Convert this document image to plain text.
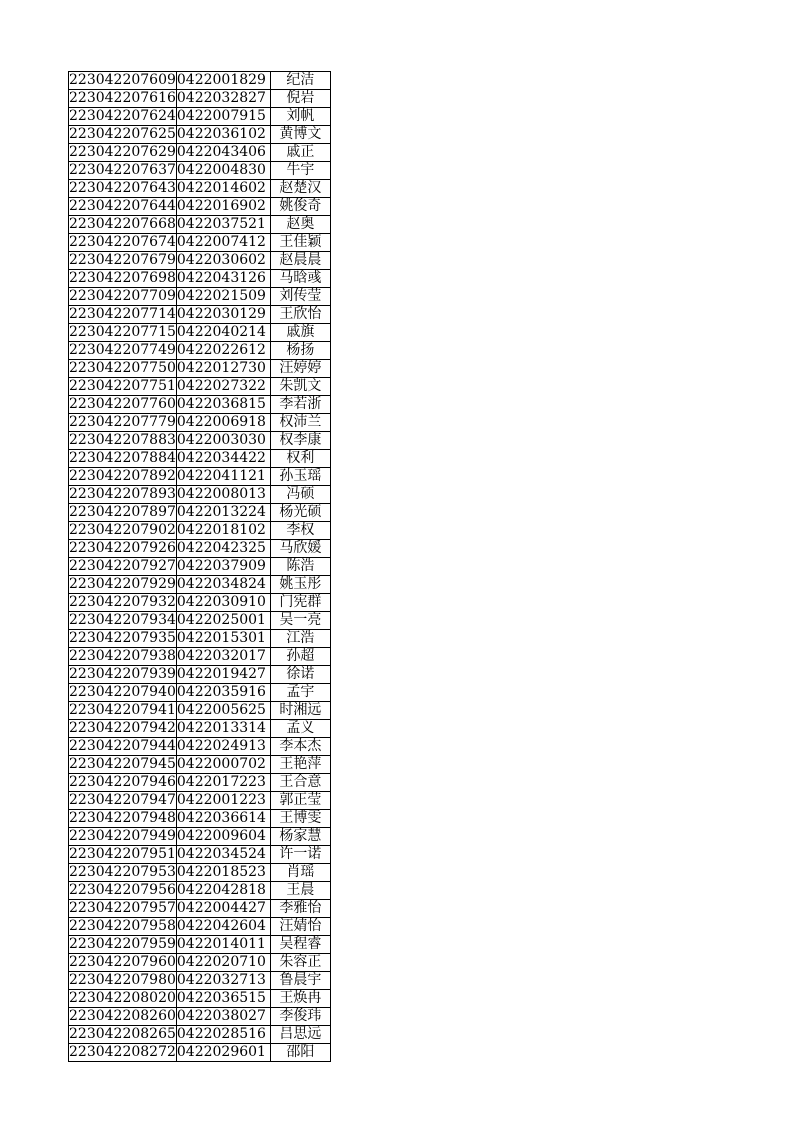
223042207609	0422001829	纪洁
223042207616	0422032827	倪岩
223042207624	0422007915	刘帆
223042207625	0422036102	黄博文
223042207629	0422043406	戚正
223042207637	0422004830	牛宇
223042207643	0422014602	赵楚汉
223042207644	0422016902	姚俊奇
223042207668	0422037521	赵奥
223042207674	0422007412	王佳颖
223042207679	0422030602	赵晨晨
223042207698	0422043126	马晗彧
223042207709	0422021509	刘传莹
223042207714	0422030129	王欣怡
223042207715	0422040214	戚旗
223042207749	0422022612	杨扬
223042207750	0422012730	汪婷婷
223042207751	0422027322	朱凯文
223042207760	0422036815	李若浙
223042207779	0422006918	权沛兰
223042207883	0422003030	权李康
223042207884	0422034422	权利
223042207892	0422041121	孙玉瑶
223042207893	0422008013	冯硕
223042207897	0422013224	杨光硕
223042207902	0422018102	李权
223042207926	0422042325	马欣媛
223042207927	0422037909	陈浩
223042207929	0422034824	姚玉彤
223042207932	0422030910	门宪群
223042207934	0422025001	吴一亮
223042207935	0422015301	江浩
223042207938	0422032017	孙超
223042207939	0422019427	徐诺
223042207940	0422035916	孟宇
223042207941	0422005625	时湘远
223042207942	0422013314	孟义
223042207944	0422024913	李本杰
223042207945	0422000702	王艳萍
223042207946	0422017223	王合意
223042207947	0422001223	郭正莹
223042207948	0422036614	王博雯
223042207949	0422009604	杨家慧
223042207951	0422034524	许一诺
223042207953	0422018523	肖瑶
223042207956	0422042818	王晨
223042207957	0422004427	李雅怡
223042207958	0422042604	汪婧怡
223042207959	0422014011	吴程睿
223042207960	0422020710	朱容正
223042207980	0422032713	鲁晨宇
223042208020	0422036515	王焕冉
223042208260	0422038027	李俊玮
223042208265	0422028516	吕思远
223042208272	0422029601	邵阳
